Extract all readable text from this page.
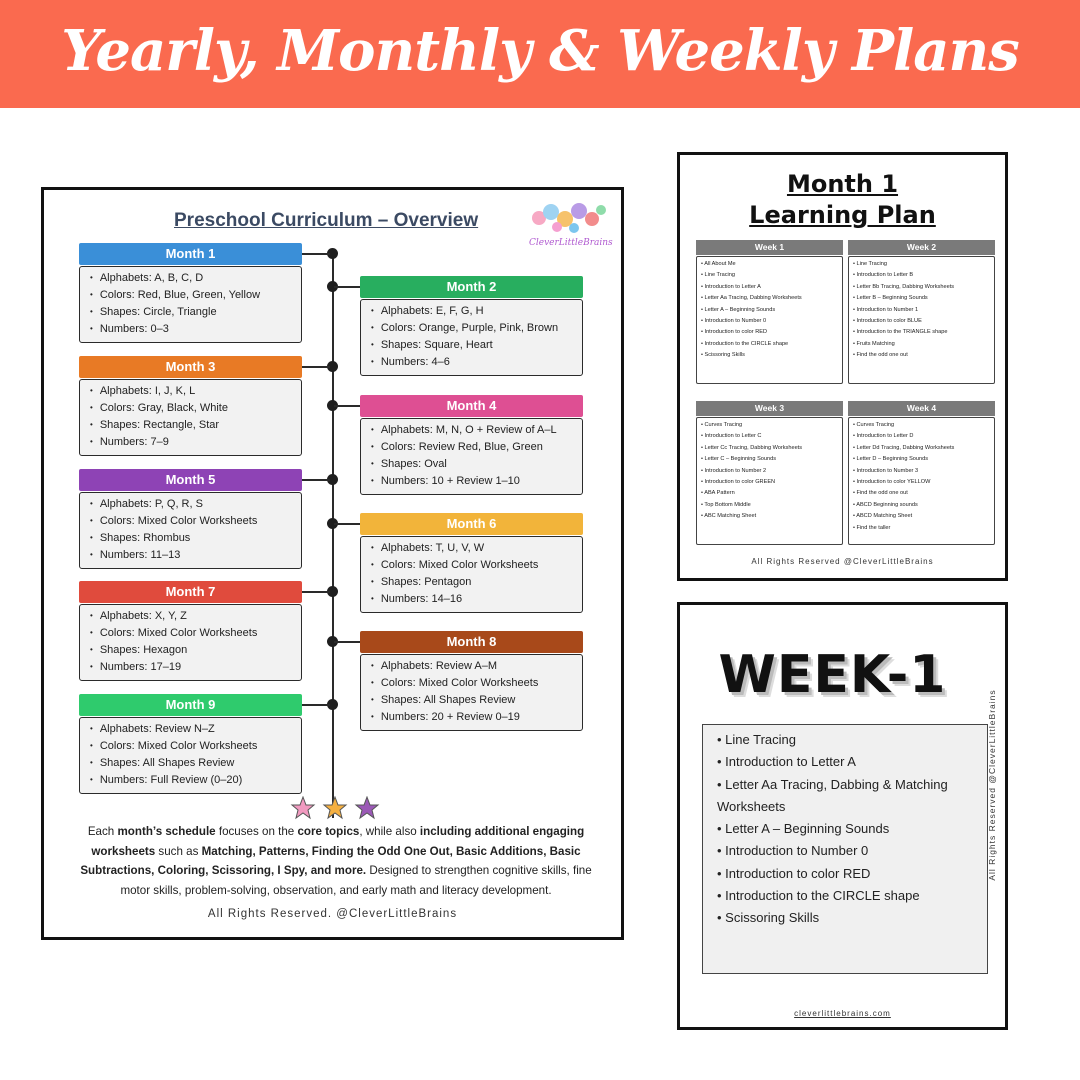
Yearly, Monthly & Weekly Plans
Preschool Curriculum – Overview
CleverLittleBrains
Month 1
• Alphabets: A, B, C, D
• Colors: Red, Blue, Green, Yellow
• Shapes: Circle, Triangle
• Numbers: 0–3
Month 2
• Alphabets: E, F, G, H
• Colors: Orange, Purple, Pink, Brown
• Shapes: Square, Heart
• Numbers: 4–6
Month 3
• Alphabets: I, J, K, L
• Colors: Gray, Black, White
• Shapes: Rectangle, Star
• Numbers: 7–9
Month 4
• Alphabets: M, N, O + Review of A–L
• Colors: Review Red, Blue, Green
• Shapes: Oval
• Numbers: 10 + Review 1–10
Month 5
• Alphabets: P, Q, R, S
• Colors: Mixed Color Worksheets
• Shapes: Rhombus
• Numbers: 11–13
Month 6
• Alphabets: T, U, V, W
• Colors: Mixed Color Worksheets
• Shapes: Pentagon
• Numbers: 14–16
Month 7
• Alphabets: X, Y, Z
• Colors: Mixed Color Worksheets
• Shapes: Hexagon
• Numbers: 17–19
Month 8
• Alphabets: Review A–M
• Colors: Mixed Color Worksheets
• Shapes: All Shapes Review
• Numbers: 20 + Review 0–19
Month 9
• Alphabets: Review N–Z
• Colors: Mixed Color Worksheets
• Shapes: All Shapes Review
• Numbers: Full Review (0–20)
Each month’s schedule focuses on the core topics, while also including additional engaging worksheets such as Matching, Patterns, Finding the Odd One Out, Basic Additions, Basic Subtractions, Coloring, Scissoring, I Spy, and more. Designed to strengthen cognitive skills, fine motor skills, problem-solving, observation, and early math and literacy development.
All Rights Reserved. @CleverLittleBrains
Month 1
Learning Plan
Week 1
• All About Me
• Line Tracing
• Introduction to Letter A
• Letter Aa Tracing, Dabbing Worksheets
• Letter A – Beginning Sounds
• Introduction to Number 0
• Introduction to color RED
• Introduction to the CIRCLE shape
• Scissoring Skills
Week 2
• Line Tracing
• Introduction to Letter B
• Letter Bb Tracing, Dabbing Worksheets
• Letter B – Beginning Sounds
• Introduction to Number 1
• Introduction to color BLUE
• Introduction to the TRIANGLE shape
• Fruits Matching
• Find the odd one out
Week 3
• Curves Tracing
• Introduction to Letter C
• Letter Cc Tracing, Dabbing Worksheets
• Letter C – Beginning Sounds
• Introduction to Number 2
• Introduction to color GREEN
• ABA Pattern
• Top Bottom Middle
• ABC Matching Sheet
Week 4
• Curves Tracing
• Introduction to Letter D
• Letter Dd Tracing, Dabbing Worksheets
• Letter D – Beginning Sounds
• Introduction to Number 3
• Introduction to color YELLOW
• Find the odd one out
• ABCD Beginning sounds
• ABCD Matching Sheet
• Find the taller
All Rights Reserved @CleverLittleBrains
WEEK-1
• Line Tracing
• Introduction to Letter A
• Letter Aa Tracing, Dabbing & Matching Worksheets
• Letter A – Beginning Sounds
• Introduction to Number 0
• Introduction to color RED
• Introduction to the CIRCLE shape
• Scissoring Skills
All Rights Reserved @CleverLittleBrains
cleverlittlebrains.com
